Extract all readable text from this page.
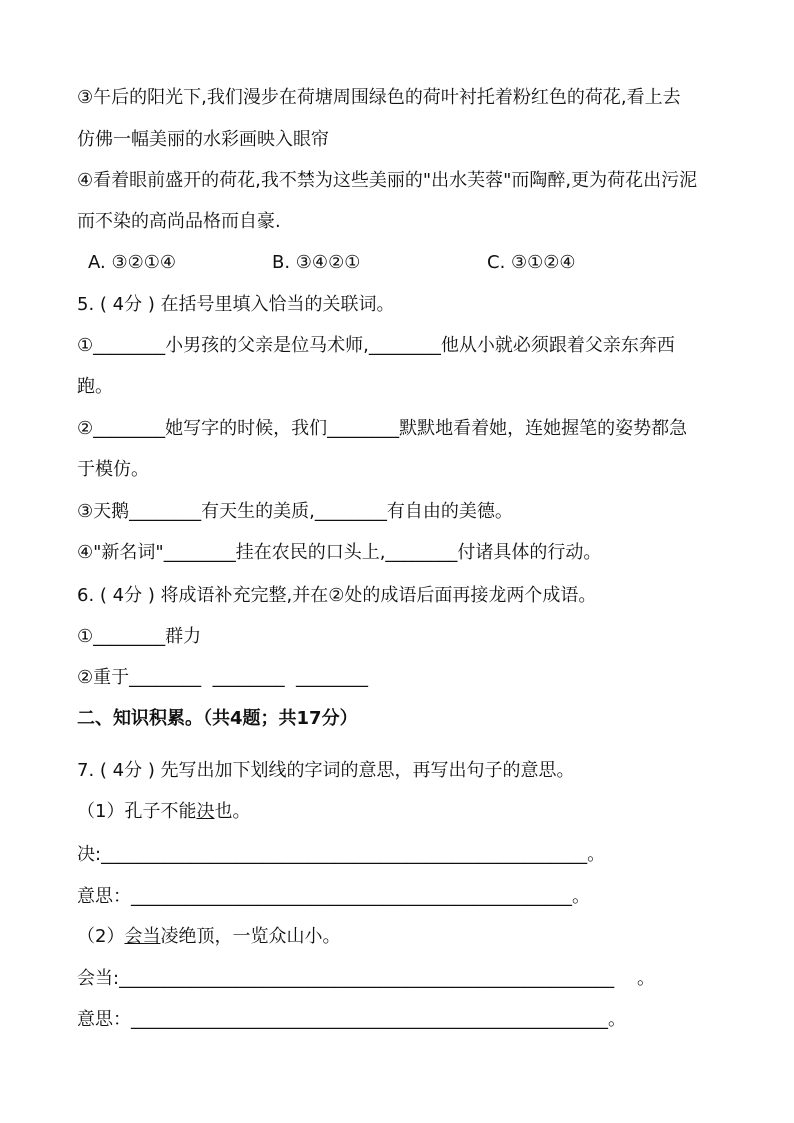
③午后的阳光下,我们漫步在荷塘周围绿色的荷叶衬托着粉红色的荷花,看上去
仿佛一幅美丽的水彩画映入眼帘
④看着眼前盛开的荷花,我不禁为这些美丽的"出水芙蓉"而陶醉,更为荷花出污泥
而不染的高尚品格而自豪.
A. ③②①④	B. ③④②①	C. ③①②④
5. ( 4分 ) 在括号里填入恰当的关联词。
①________小男孩的父亲是位马术师,________他从小就必须跟着父亲东奔西
跑。
②________她写字的时候，我们________默默地看着她，连她握笔的姿势都急
于模仿。
③天鹅________有天生的美质,________有自由的美德。
④"新名词"________挂在农民的口头上,________付诸具体的行动。
6. ( 4分 ) 将成语补充完整,并在②处的成语后面再接龙两个成语。
①________群力
②重于________  ________  ________
二、知识积累。（共4题；共17分）
7. ( 4分 ) 先写出加下划线的字词的意思，再写出句子的意思。
（1）孔子不能决也。
决:______________________________________________________。
意思：_________________________________________________。
（2）会当凌绝顶，一览众山小。
会当:_______________________________________________________    。
意思：_____________________________________________________。
